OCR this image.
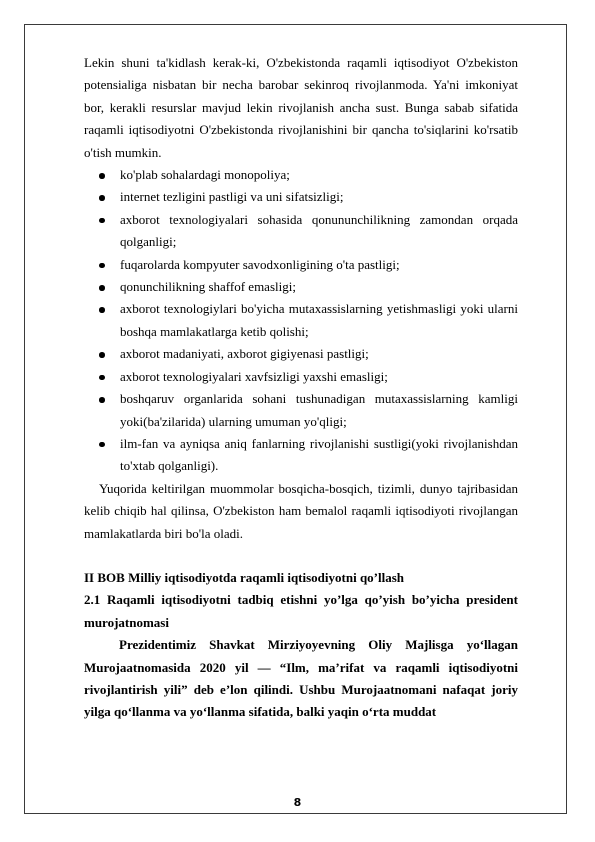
Lekin shuni ta'kidlash kerak-ki, O'zbekistonda raqamli iqtisodiyot O'zbekiston potensialiga nisbatan bir necha barobar sekinroq rivojlanmoda. Ya'ni imkoniyat bor, kerakli resurslar mavjud lekin rivojlanish ancha sust. Bunga sabab sifatida raqamli iqtisodiyotni O'zbekistonda rivojlanishini bir qancha to'siqlarini ko'rsatib o'tish mumkin.

ko'plab sohalardagi monopoliya;
internet tezligini pastligi va uni sifatsizligi;
axborot texnologiyalari sohasida qonununchilikning zamondan orqada qolganligi;
fuqarolarda kompyuter savodxonligining o'ta pastligi;
qonunchilikning shaffof emasligi;
axborot texnologiylari bo'yicha mutaxassislarning yetishmasligi yoki ularni boshqa mamlakatlarga ketib qolishi;
axborot madaniyati, axborot gigiyenasi pastligi;
axborot texnologiyalari xavfsizligi yaxshi emasligi;
boshqaruv organlarida sohani tushunadigan mutaxassislarning kamligi yoki(ba'zilarida) ularning umuman yo'qligi;
ilm-fan va ayniqsa aniq fanlarning rivojlanishi sustligi(yoki rivojlanishdan to'xtab qolganligi).

Yuqorida keltirilgan muommolar bosqicha-bosqich, tizimli, dunyo tajribasidan kelib chiqib hal qilinsa, O'zbekiston ham bemalol raqamli iqtisodiyoti rivojlangan mamlakatlarda biri bo'la oladi.

II BOB Milliy iqtisodiyotda raqamli iqtisodiyotni qo’llash

2.1 Raqamli iqtisodiyotni tadbiq etishni yo’lga qo’yish bo’yicha president murojatnomasi

Prezidentimiz Shavkat Mirziyoyevning Oliy Majlisga yo‘llagan Murojaatnomasida 2020 yil — “Ilm, ma’rifat va raqamli iqtisodiyotni rivojlantirish yili” deb e’lon qilindi. Ushbu Murojaatnomani nafaqat joriy yilga qo‘llanma va yo‘llanma sifatida, balki yaqin o‘rta muddat

8
